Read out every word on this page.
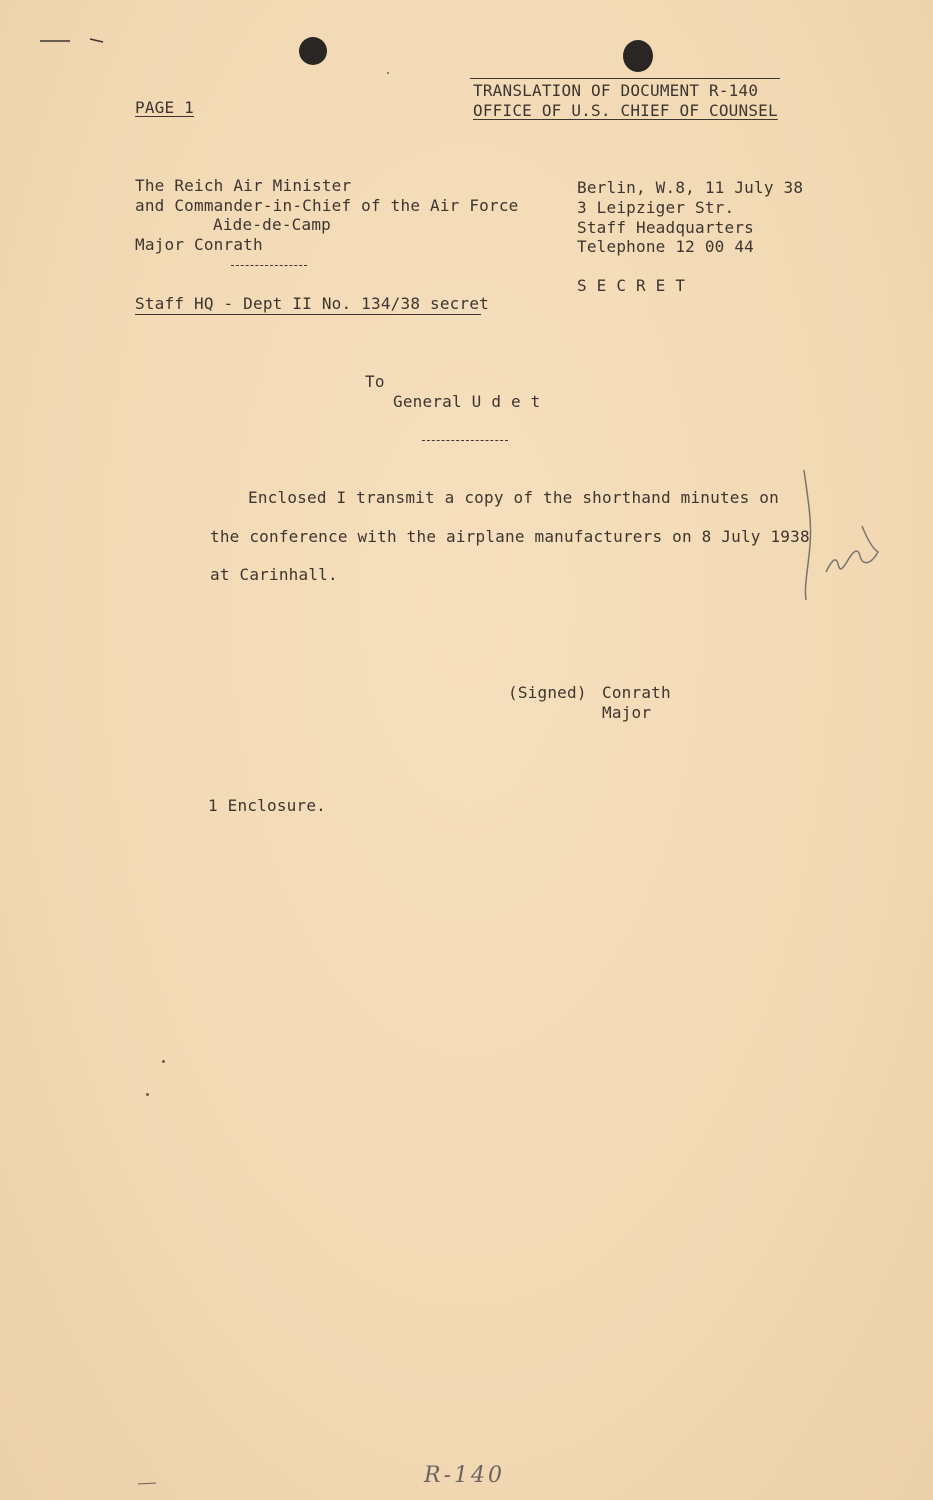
PAGE 1
TRANSLATION OF DOCUMENT R-140
OFFICE OF U.S. CHIEF OF COUNSEL
The Reich Air Minister
and Commander-in-Chief of the Air Force
Aide-de-Camp
Major Conrath
Berlin, W.8, 11 July 38
3 Leipziger Str.
Staff Headquarters
Telephone 12 00 44
S E C R E T
Staff HQ - Dept II No. 134/38 secret
To
General U d e t
Enclosed I transmit a copy of the shorthand minutes on
the conference with the airplane manufacturers on 8 July 1938
at Carinhall.
(Signed) Conrath
Major
1 Enclosure.
R-140
